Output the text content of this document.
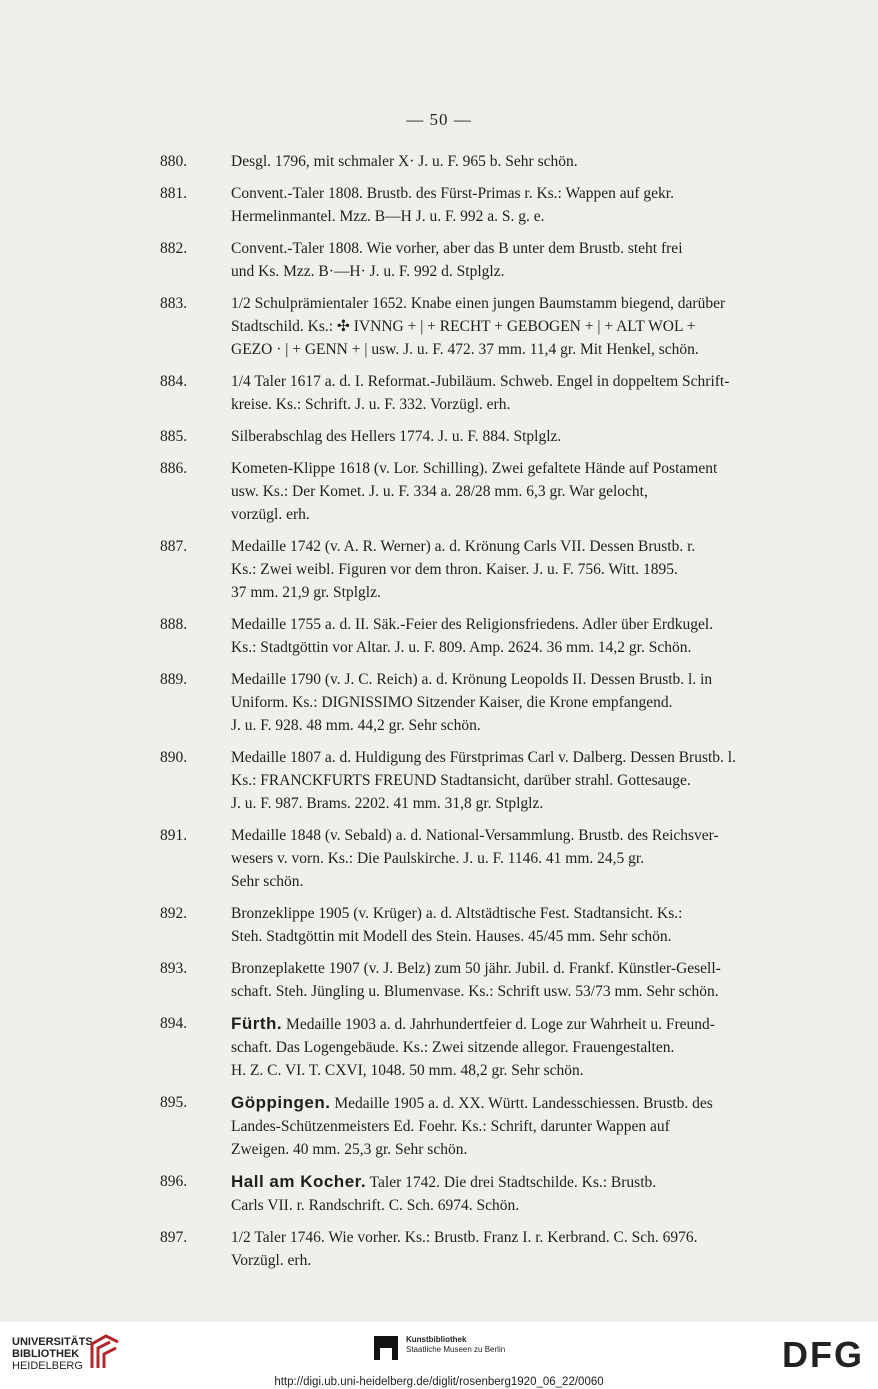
— 50 —
880.	Desgl. 1796, mit schmaler X· J. u. F. 965 b. Sehr schön.
881.	Convent.-Taler 1808. Brustb. des Fürst-Primas r. Ks.: Wappen auf gekr.
Hermelinmantel. Mzz. B—H J. u. F. 992 a. S. g. e.
882.	Convent.-Taler 1808. Wie vorher, aber das B unter dem Brustb. steht frei
und Ks. Mzz. B·—H· J. u. F. 992 d. Stplglz.
883.	1/2 Schulprämientaler 1652. Knabe einen jungen Baumstamm biegend, darüber
Stadtschild. Ks.: ✣ IVNNG + | + RECHT + GEBOGEN + | + ALT WOL +
GEZO · | + GENN + | usw. J. u. F. 472. 37 mm. 11,4 gr. Mit Henkel, schön.
884.	1/4 Taler 1617 a. d. I. Reformat.-Jubiläum. Schweb. Engel in doppeltem Schrift-
kreise. Ks.: Schrift. J. u. F. 332. Vorzügl. erh.
885.	Silberabschlag des Hellers 1774. J. u. F. 884. Stplglz.
886.	Kometen-Klippe 1618 (v. Lor. Schilling). Zwei gefaltete Hände auf Postament
usw. Ks.: Der Komet. J. u. F. 334 a. 28/28 mm. 6,3 gr. War gelocht,
vorzügl. erh.
887.	Medaille 1742 (v. A. R. Werner) a. d. Krönung Carls VII. Dessen Brustb. r.
Ks.: Zwei weibl. Figuren vor dem thron. Kaiser. J. u. F. 756. Witt. 1895.
37 mm. 21,9 gr. Stplglz.
888.	Medaille 1755 a. d. II. Säk.-Feier des Religionsfriedens. Adler über Erdkugel.
Ks.: Stadtgöttin vor Altar. J. u. F. 809. Amp. 2624. 36 mm. 14,2 gr. Schön.
889.	Medaille 1790 (v. J. C. Reich) a. d. Krönung Leopolds II. Dessen Brustb. l. in
Uniform. Ks.: DIGNISSIMO Sitzender Kaiser, die Krone empfangend.
J. u. F. 928. 48 mm. 44,2 gr. Sehr schön.
890.	Medaille 1807 a. d. Huldigung des Fürstprimas Carl v. Dalberg. Dessen Brustb. l.
Ks.: FRANCKFURTS FREUND Stadtansicht, darüber strahl. Gottesauge.
J. u. F. 987. Brams. 2202. 41 mm. 31,8 gr. Stplglz.
891.	Medaille 1848 (v. Sebald) a. d. National-Versammlung. Brustb. des Reichsver-
wesers v. vorn. Ks.: Die Paulskirche. J. u. F. 1146. 41 mm. 24,5 gr.
Sehr schön.
892.	Bronzeklippe 1905 (v. Krüger) a. d. Altstädtische Fest. Stadtansicht. Ks.:
Steh. Stadtgöttin mit Modell des Stein. Hauses. 45/45 mm. Sehr schön.
893.	Bronzeplakette 1907 (v. J. Belz) zum 50 jähr. Jubil. d. Frankf. Künstler-Gesell-
schaft. Steh. Jüngling u. Blumenvase. Ks.: Schrift usw. 53/73 mm. Sehr schön.
894.	Fürth. Medaille 1903 a. d. Jahrhundertfeier d. Loge zur Wahrheit u. Freund-
schaft. Das Logengebäude. Ks.: Zwei sitzende allegor. Frauengestalten.
H. Z. C. VI. T. CXVI, 1048. 50 mm. 48,2 gr. Sehr schön.
895.	Göppingen. Medaille 1905 a. d. XX. Württ. Landesschiessen. Brustb. des
Landes-Schützenmeisters Ed. Foehr. Ks.: Schrift, darunter Wappen auf
Zweigen. 40 mm. 25,3 gr. Sehr schön.
896.	Hall am Kocher. Taler 1742. Die drei Stadtschilde. Ks.: Brustb.
Carls VII. r. Randschrift. C. Sch. 6974. Schön.
897.	1/2 Taler 1746. Wie vorher. Ks.: Brustb. Franz I. r. Kerbrand. C. Sch. 6976.
Vorzügl. erh.
UNIVERSITÄTS-
BIBLIOTHEK
HEIDELBERG
Kunstbibliothek
Staatliche Museen zu Berlin	DFG
http://digi.ub.uni-heidelberg.de/diglit/rosenberg1920_06_22/0060
